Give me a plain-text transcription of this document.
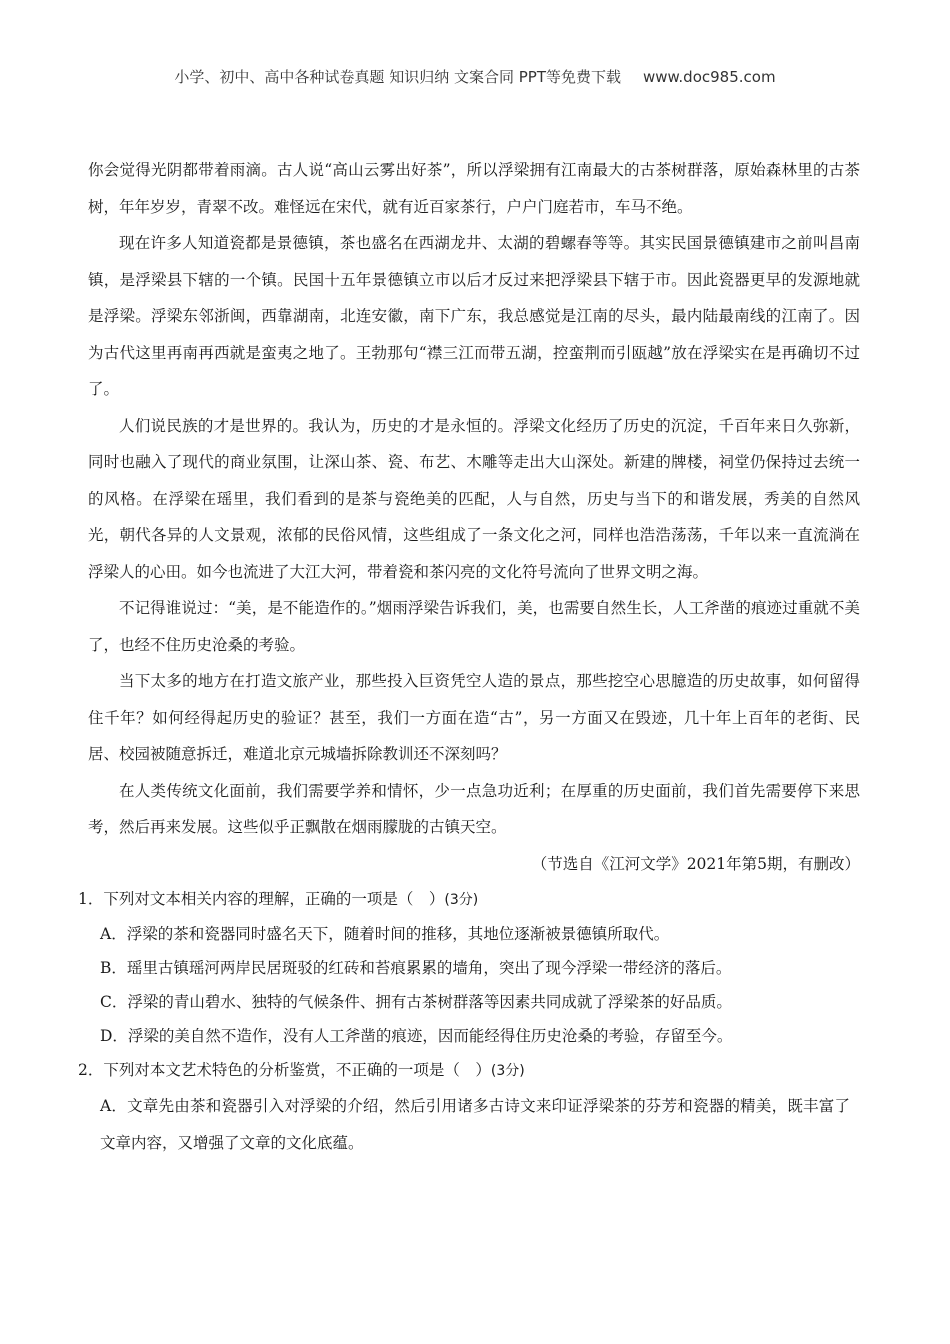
小学、初中、高中各种试卷真题 知识归纳 文案合同 PPT等免费下载 www.doc985.com

你会觉得光阴都带着雨滴。古人说“高山云雾出好茶”，所以浮梁拥有江南最大的古茶树群落，原始森林里的古茶树，年年岁岁，青翠不改。难怪远在宋代，就有近百家茶行，户户门庭若市，车马不绝。

现在许多人知道瓷都是景德镇，茶也盛名在西湖龙井、太湖的碧螺春等等。其实民国景德镇建市之前叫昌南镇，是浮梁县下辖的一个镇。民国十五年景德镇立市以后才反过来把浮梁县下辖于市。因此瓷器更早的发源地就是浮梁。浮梁东邻浙闽，西靠湖南，北连安徽，南下广东，我总感觉是江南的尽头，最内陆最南线的江南了。因为古代这里再南再西就是蛮夷之地了。王勃那句“襟三江而带五湖，控蛮荆而引瓯越”放在浮梁实在是再确切不过了。

人们说民族的才是世界的。我认为，历史的才是永恒的。浮梁文化经历了历史的沉淀，千百年来日久弥新，同时也融入了现代的商业氛围，让深山茶、瓷、布艺、木雕等走出大山深处。新建的牌楼，祠堂仍保持过去统一的风格。在浮梁在瑶里，我们看到的是茶与瓷绝美的匹配，人与自然，历史与当下的和谐发展，秀美的自然风光，朝代各异的人文景观，浓郁的民俗风情，这些组成了一条文化之河，同样也浩浩荡荡，千年以来一直流淌在浮梁人的心田。如今也流进了大江大河，带着瓷和茶闪亮的文化符号流向了世界文明之海。

不记得谁说过：“美，是不能造作的。”烟雨浮梁告诉我们，美，也需要自然生长，人工斧凿的痕迹过重就不美了，也经不住历史沧桑的考验。

当下太多的地方在打造文旅产业，那些投入巨资凭空人造的景点，那些挖空心思臆造的历史故事，如何留得住千年？如何经得起历史的验证？甚至，我们一方面在造“古”，另一方面又在毁迹，几十年上百年的老街、民居、校园被随意拆迁，难道北京元城墙拆除教训还不深刻吗？

在人类传统文化面前，我们需要学养和情怀，少一点急功近利；在厚重的历史面前，我们首先需要停下来思考，然后再来发展。这些似乎正飘散在烟雨朦胧的古镇天空。

（节选自《江河文学》2021年第5期，有删改）

1．下列对文本相关内容的理解，正确的一项是（　）(3分)

A．浮梁的茶和瓷器同时盛名天下，随着时间的推移，其地位逐渐被景德镇所取代。

B．瑶里古镇瑶河两岸民居斑驳的红砖和苔痕累累的墙角，突出了现今浮梁一带经济的落后。

C．浮梁的青山碧水、独特的气候条件、拥有古茶树群落等因素共同成就了浮梁茶的好品质。

D．浮梁的美自然不造作，没有人工斧凿的痕迹，因而能经得住历史沧桑的考验，存留至今。

2．下列对本文艺术特色的分析鉴赏，不正确的一项是（　）(3分)

A．文章先由茶和瓷器引入对浮梁的介绍，然后引用诸多古诗文来印证浮梁茶的芬芳和瓷器的精美，既丰富了文章内容，又增强了文章的文化底蕴。
